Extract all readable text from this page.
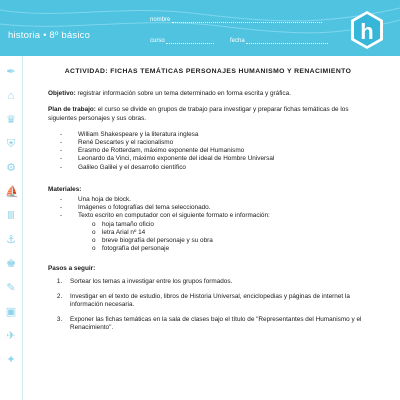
historia • 8º básico
nombre
curso	fecha	h
✒
⌂
♛
⛨
⚙
⛵
Ⅲ
⚓
♚
✎
▣
✈
✦
ACTIVIDAD: FICHAS TEMÁTICAS PERSONAJES HUMANISMO Y RENACIMIENTO
Objetivo: registrar información sobre un tema determinado en forma escrita y gráfica.
Plan de trabajo: el curso se divide en grupos de trabajo para investigar y preparar fichas temáticas de los siguientes personajes y sus obras.
- William Shakespeare y la literatura inglesa
- René Descartes y el racionalismo
- Erasmo de Rotterdam, máximo exponente del Humanismo
- Leonardo da Vinci, máximo exponente del ideal de Hombre Universal
- Galileo Galilei y el desarrollo científico
Materiales:
- Una hoja de block.
- Imágenes o fotografías del tema seleccionado.
- Texto escrito en computador con el siguiente formato e información:
o hoja tamaño oficio
o letra Arial nº 14
o breve biografía del personaje y su obra
o fotografía del personaje
Pasos a seguir:
1. Sortear los temas a investigar entre los grupos formados.
2. Investigar en el texto de estudio, libros de Historia Universal, enciclopedias y páginas de internet la información necesaria.
3. Exponer las fichas temáticas en la sala de clases bajo el título de "Representantes del Humanismo y el Renacimiento".
